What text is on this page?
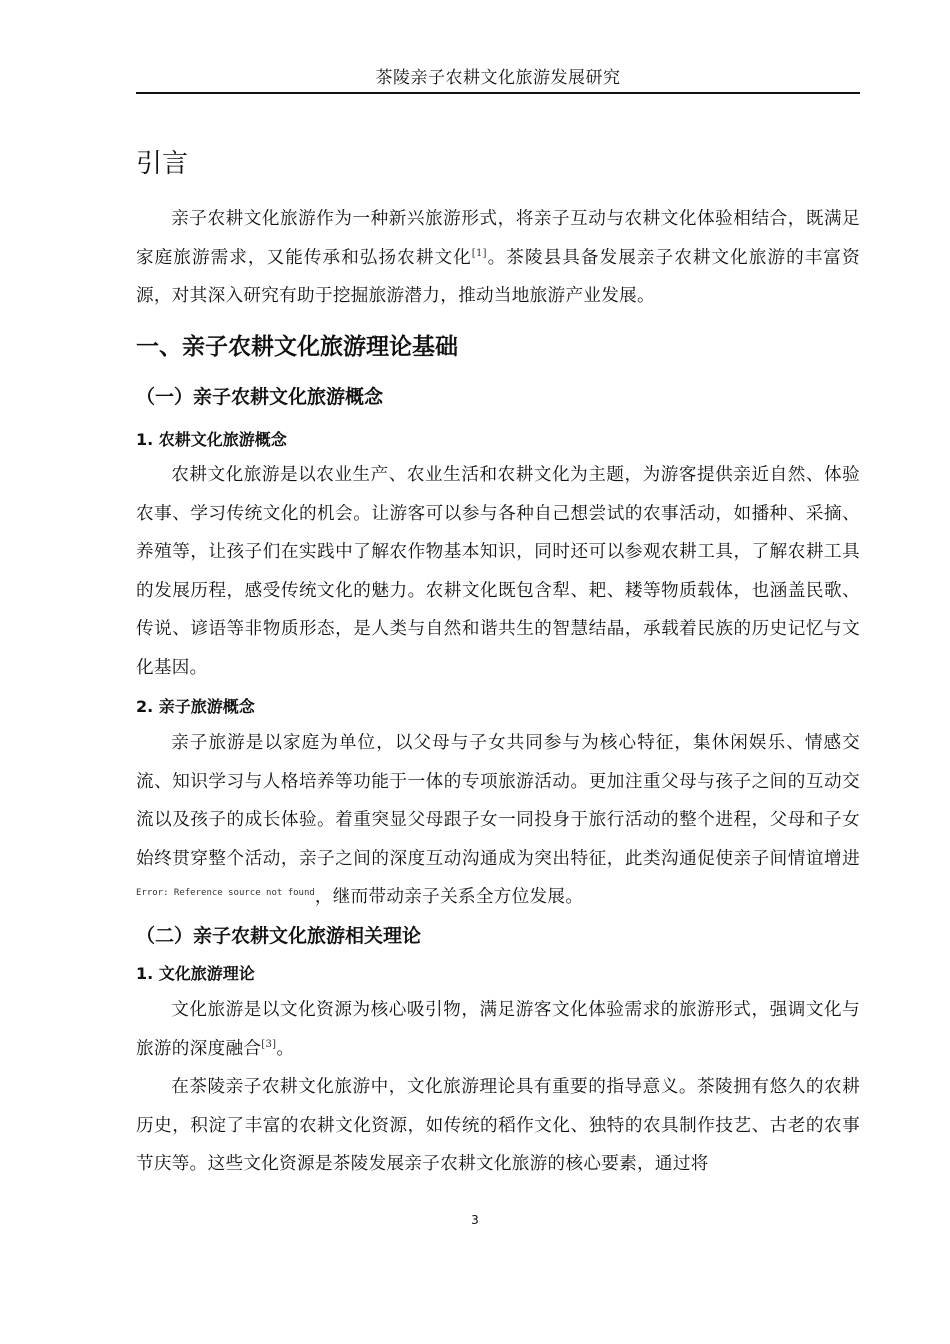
茶陵亲子农耕文化旅游发展研究
引言

亲子农耕文化旅游作为一种新兴旅游形式，将亲子互动与农耕文化体验相结合，既满足家庭旅游需求，又能传承和弘扬农耕文化[1]。茶陵县具备发展亲子农耕文化旅游的丰富资源，对其深入研究有助于挖掘旅游潜力，推动当地旅游产业发展。

一、亲子农耕文化旅游理论基础
（一）亲子农耕文化旅游概念
1. 农耕文化旅游概念

农耕文化旅游是以农业生产、农业生活和农耕文化为主题，为游客提供亲近自然、体验农事、学习传统文化的机会。让游客可以参与各种自己想尝试的农事活动，如播种、采摘、养殖等，让孩子们在实践中了解农作物基本知识，同时还可以参观农耕工具，了解农耕工具的发展历程，感受传统文化的魅力。农耕文化既包含犁、耙、耧等物质载体，也涵盖民歌、传说、谚语等非物质形态，是人类与自然和谐共生的智慧结晶，承载着民族的历史记忆与文化基因。

2. 亲子旅游概念

亲子旅游是以家庭为单位，以父母与子女共同参与为核心特征，集休闲娱乐、情感交流、知识学习与人格培养等功能于一体的专项旅游活动。更加注重父母与孩子之间的互动交流以及孩子的成长体验。着重突显父母跟子女一同投身于旅行活动的整个进程，父母和子女始终贯穿整个活动，亲子之间的深度互动沟通成为突出特征，此类沟通促使亲子间情谊增进$^{Error: Reference source not found}$，继而带动亲子关系全方位发展。

（二）亲子农耕文化旅游相关理论
1. 文化旅游理论

文化旅游是以文化资源为核心吸引物，满足游客文化体验需求的旅游形式，强调文化与旅游的深度融合[3]。

在茶陵亲子农耕文化旅游中，文化旅游理论具有重要的指导意义。茶陵拥有悠久的农耕历史，积淀了丰富的农耕文化资源，如传统的稻作文化、独特的农具制作技艺、古老的农事节庆等。这些文化资源是茶陵发展亲子农耕文化旅游的核心要素，通过将

3
